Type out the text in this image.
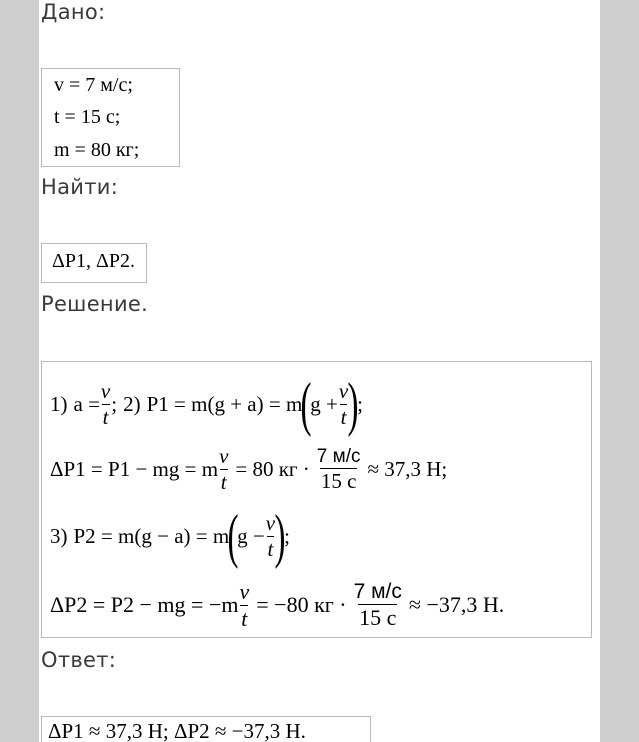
Дано:
v = 7 м/с;
t = 15 с;
m = 80 кг;
Найти:
ΔP1, ΔP2.
Решение.
1) $a = \frac{v}{t}$ ; 2) P1 = m(g + a) = m
(
$g + \frac{v}{t}$
)
;
ΔP1 = P1 − mg = m $\frac{v}{t} = 80$ кг · $\frac{7 м/с}{15 с} \approx 37,3$ Н;
3) P2 = m(g − a) = m
(
$g - \frac{v}{t}$
)
;
ΔP2 = P2 − mg = $-m \frac{v}{t} = -80$ кг · $\frac{7 м/с}{15 с} \approx -37,3$ Н.
Ответ:
ΔP1 ≈ 37,3 Н; ΔP2 ≈ −37,3 Н.
